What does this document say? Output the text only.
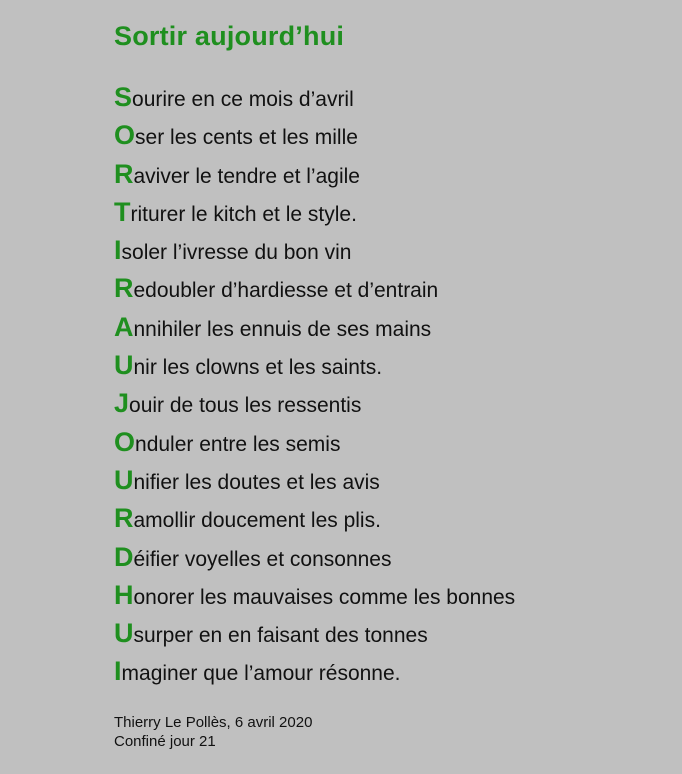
Sortir aujourd’hui
Sourire en ce mois d’avril
Oser les cents et les mille
Raviver le tendre et l’agile
Triturer le kitch et le style.
Isoler l’ivresse du bon vin
Redoubler d’hardiesse et d’entrain
Annihiler les ennuis de ses mains
Unir les clowns et les saints.
Jouir de tous les ressentis
Onduler entre les semis
Unifier les doutes et les avis
Ramollir doucement les plis.
Déifier voyelles et consonnes
Honorer les mauvaises comme les bonnes
Usurper en en faisant des tonnes
Imaginer que l’amour résonne.
Thierry Le Pollès, 6 avril 2020
Confiné jour 21
